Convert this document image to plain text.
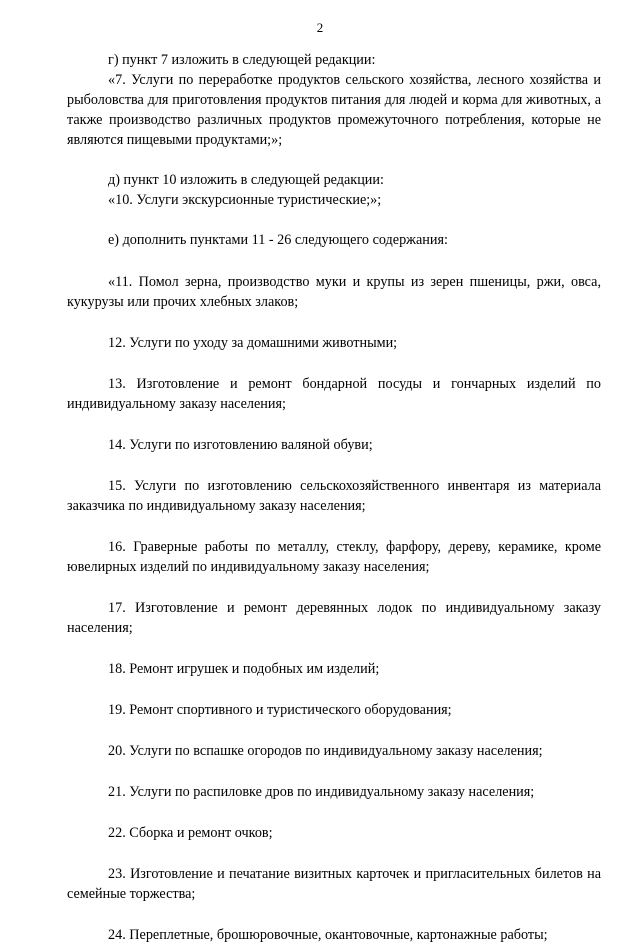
2

г) пункт 7 изложить в следующей редакции:

«7. Услуги по переработке продуктов сельского хозяйства, лесного хозяйства и рыболовства для приготовления продуктов питания для людей и корма для животных, а также производство различных продуктов промежуточного потребления, которые не являются пищевыми продуктами;»;

д) пункт 10 изложить в следующей редакции:

«10. Услуги экскурсионные туристические;»;

е) дополнить пунктами 11 - 26 следующего содержания:

«11. Помол зерна, производство муки и крупы из зерен пшеницы, ржи, овса, кукурузы или прочих хлебных злаков;

12. Услуги по уходу за домашними животными;

13. Изготовление и ремонт бондарной посуды и гончарных изделий по индивидуальному заказу населения;

14. Услуги по изготовлению валяной обуви;

15. Услуги по изготовлению сельскохозяйственного инвентаря из материала заказчика по индивидуальному заказу населения;

16. Граверные работы по металлу, стеклу, фарфору, дереву, керамике, кроме ювелирных изделий по индивидуальному заказу населения;

17. Изготовление и ремонт деревянных лодок по индивидуальному заказу населения;

18. Ремонт игрушек и подобных им изделий;

19. Ремонт спортивного и туристического оборудования;

20. Услуги по вспашке огородов по индивидуальному заказу населения;

21. Услуги по распиловке дров по индивидуальному заказу населения;

22. Сборка и ремонт очков;

23. Изготовление и печатание визитных карточек и пригласительных билетов на семейные торжества;

24. Переплетные, брошюровочные, окантовочные, картонажные работы;
